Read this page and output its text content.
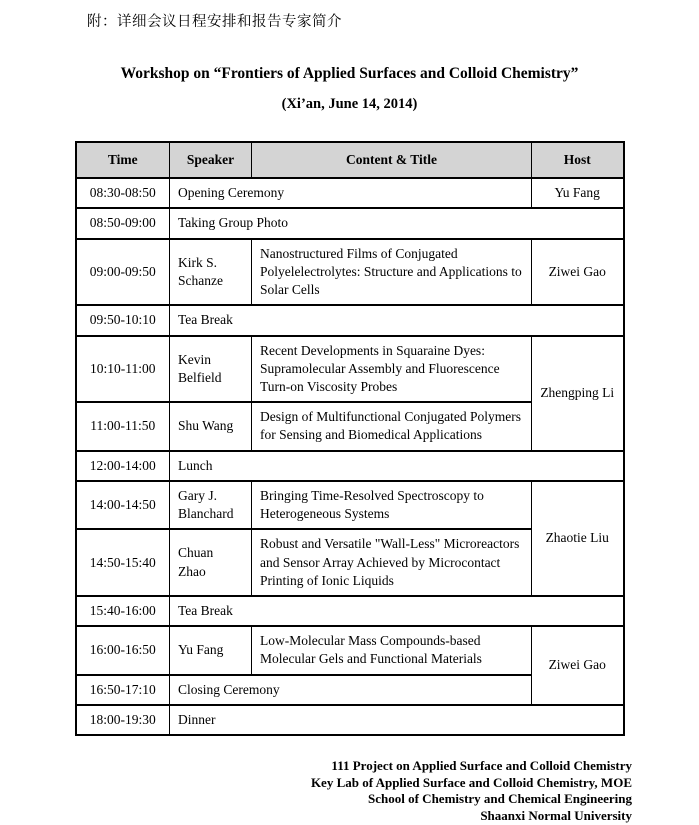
附：详细会议日程安排和报告专家简介
Workshop on “Frontiers of Applied Surfaces and Colloid Chemistry”
(Xi’an, June 14, 2014)
Time	Speaker	Content & Title	Host
08:30-08:50	Opening Ceremony		Yu Fang
08:50-09:00	Taking Group Photo		
09:00-09:50	Kirk S. Schanze	Nanostructured Films of Conjugated Polyelelectrolytes: Structure and Applications to Solar Cells	Ziwei Gao
09:50-10:10	Tea Break		
10:10-11:00	Kevin Belfield	Recent Developments in Squaraine Dyes: Supramolecular Assembly and Fluorescence Turn-on Viscosity Probes	Zhengping Li
11:00-11:50	Shu Wang	Design of Multifunctional Conjugated Polymers for Sensing and Biomedical Applications	
12:00-14:00	Lunch		
14:00-14:50	Gary J. Blanchard	Bringing Time-Resolved Spectroscopy to Heterogeneous Systems	Zhaotie Liu
14:50-15:40	Chuan Zhao	Robust and Versatile "Wall-Less" Microreactors and Sensor Array Achieved by Microcontact Printing of Ionic Liquids	
15:40-16:00	Tea Break		
16:00-16:50	Yu Fang	Low-Molecular Mass Compounds-based Molecular Gels and Functional Materials	Ziwei Gao
16:50-17:10	Closing Ceremony		
18:00-19:30	Dinner		
111 Project on Applied Surface and Colloid Chemistry
Key Lab of Applied Surface and Colloid Chemistry, MOE
School of Chemistry and Chemical Engineering
Shaanxi Normal University
